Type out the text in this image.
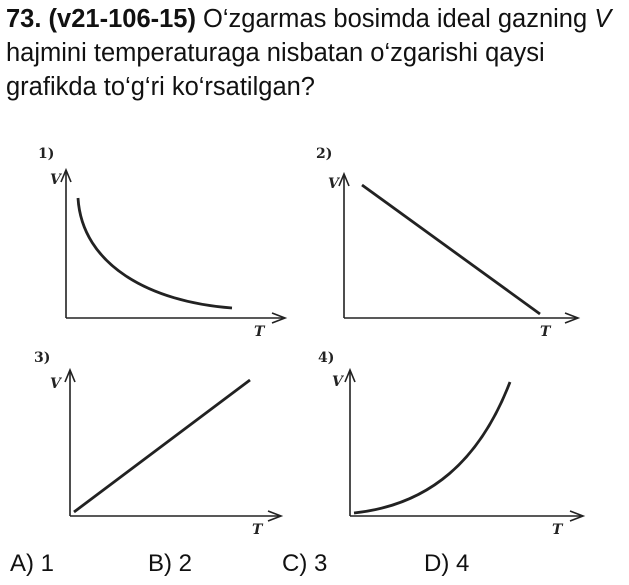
73. (v21-106-15) O‘zgarmas bosimda ideal gazning V hajmini temperaturaga nisbatan o‘zgarishi qaysi grafikda to‘g‘ri ko‘rsatilgan?
1)
V
T
2)
V
T
3)
V
T
4)
V
T
A) 1	B) 2	C) 3	D) 4
